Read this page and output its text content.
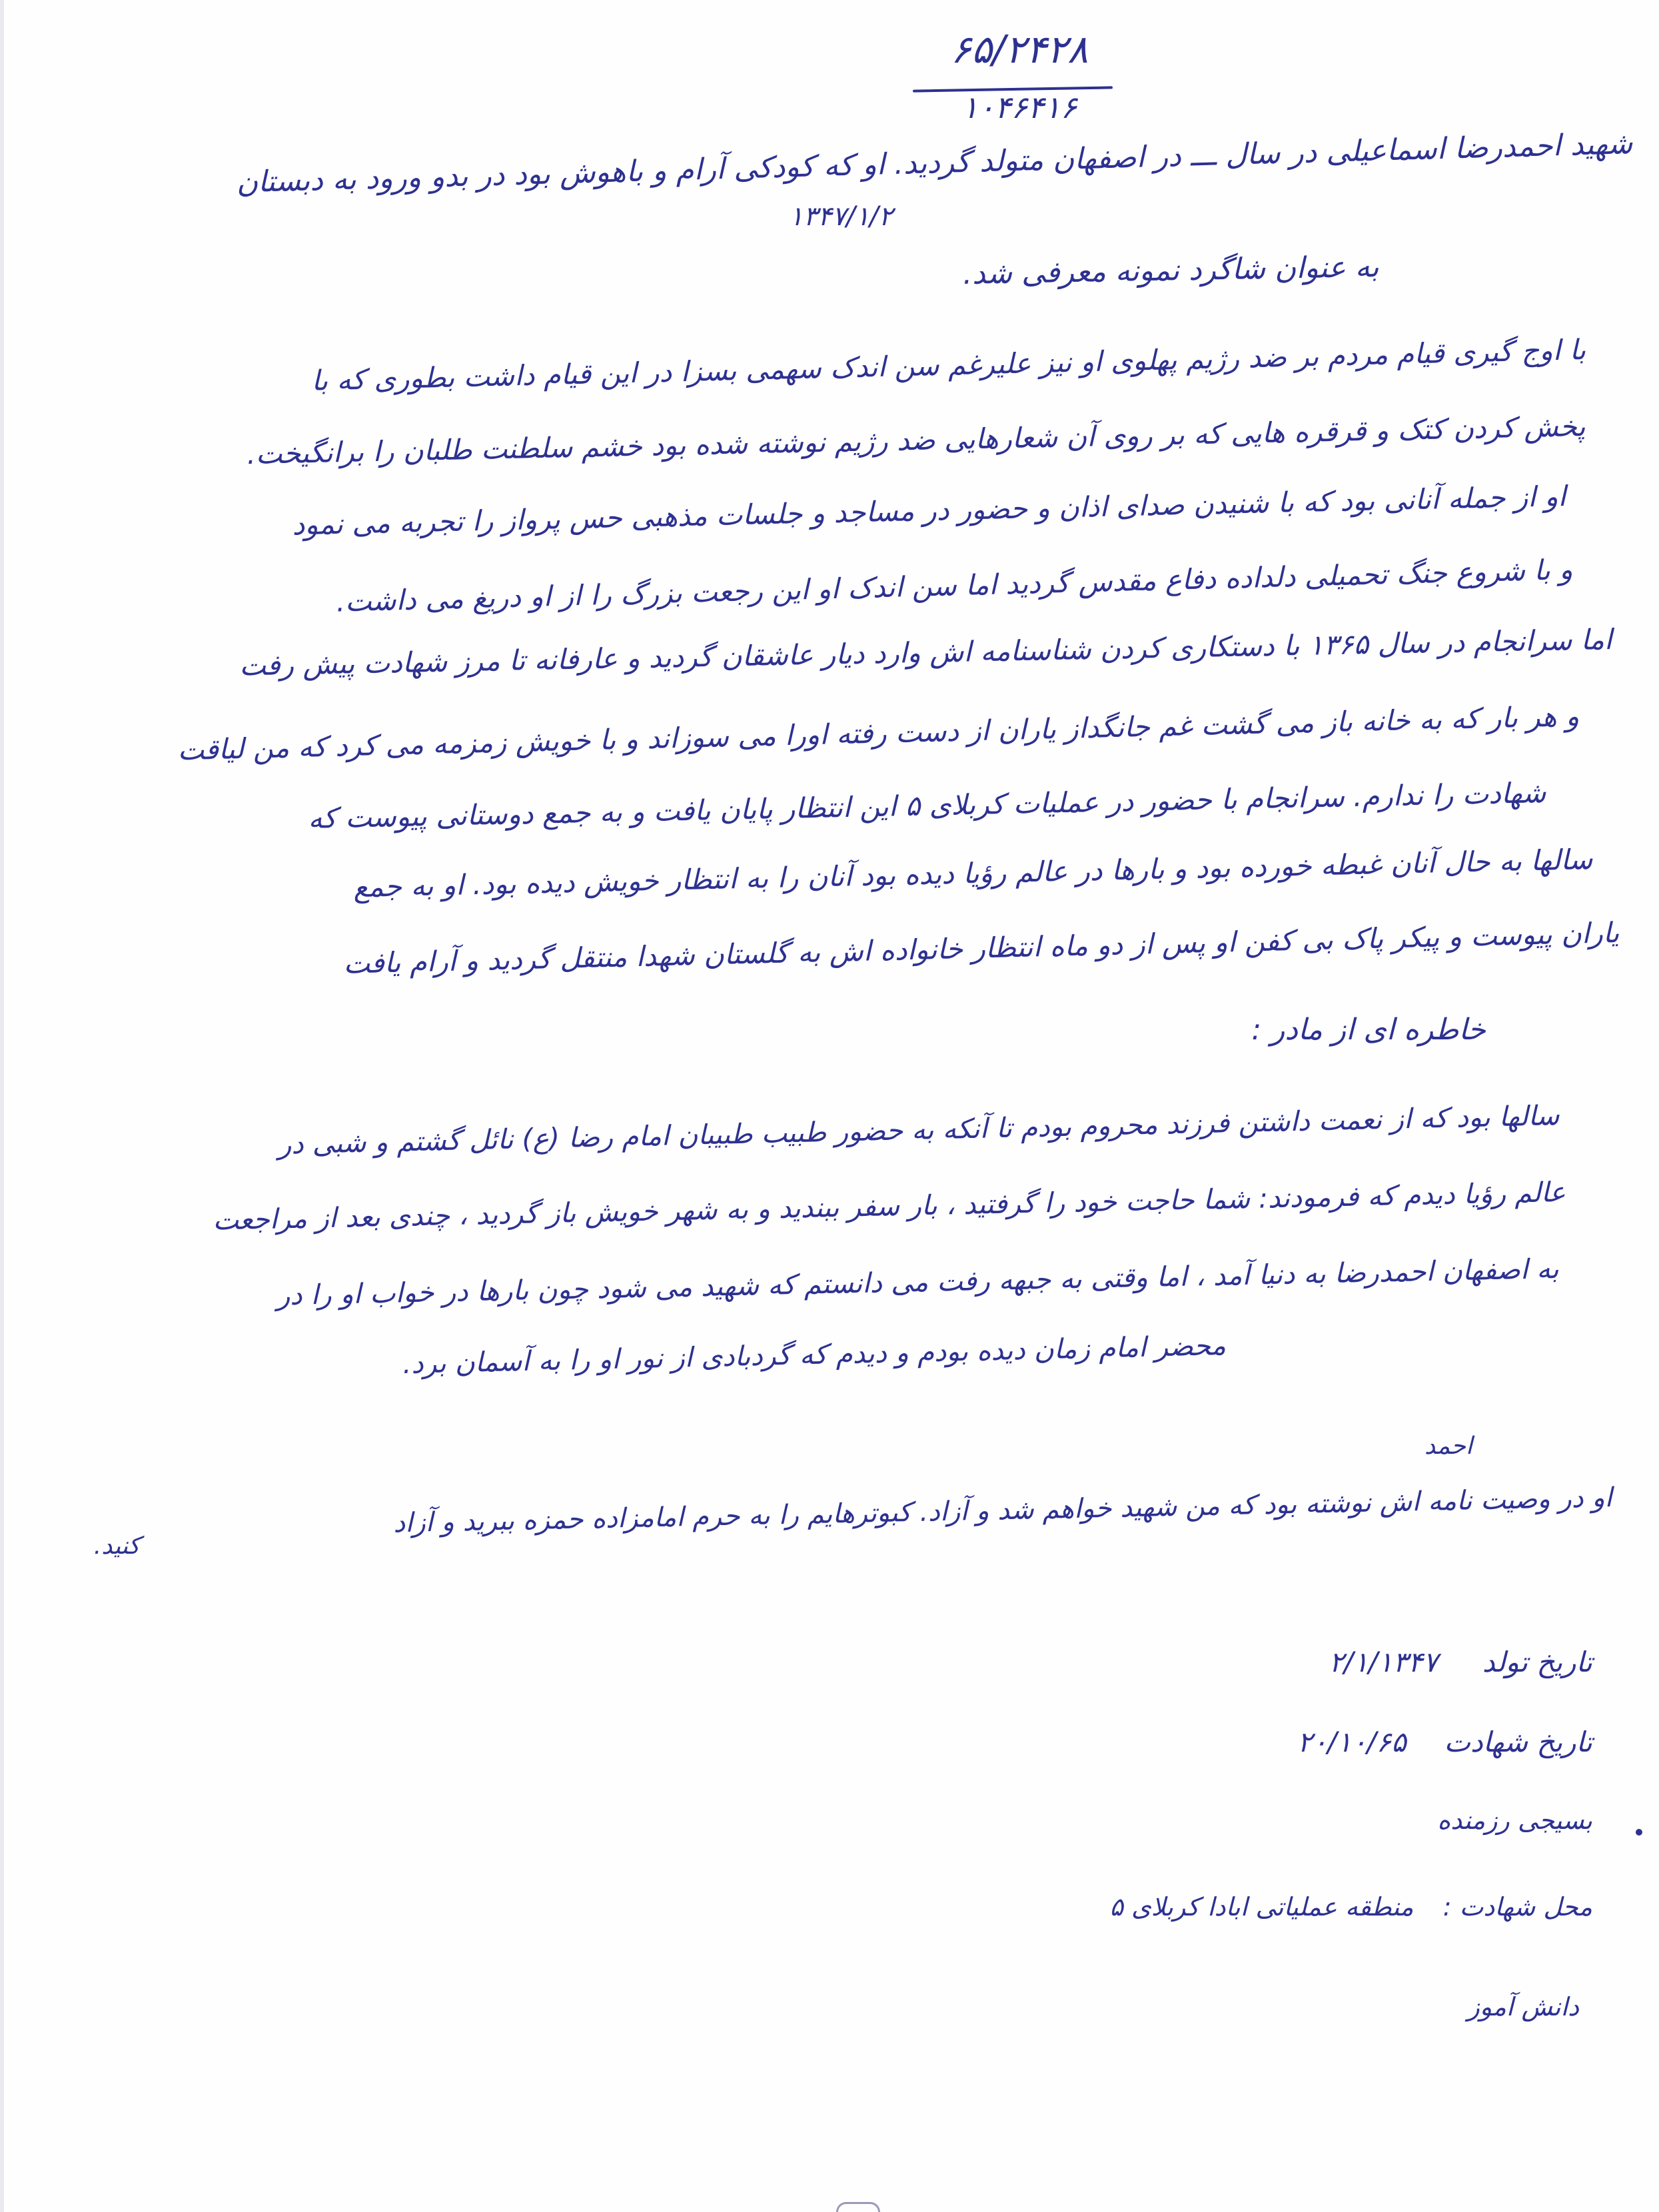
۶۵/۲۴۲۸
۱۰۴۶۴۱۶
شهید احمدرضا اسماعیلی در سال ـــ در اصفهان متولد گردید. او که کودکی آرام و باهوش بود در بدو ورود به دبستان
۱۳۴۷/۱/۲
به عنوان شاگرد نمونه معرفی شد.
با اوج گیری قیام مردم بر ضد رژیم پهلوی او نیز علیرغم سن اندک سهمی بسزا در این قیام داشت بطوری که با
پخش کردن کتک و قرقره هایی که بر روی آن شعارهایی ضد رژیم نوشته شده بود خشم سلطنت طلبان را برانگیخت.
او از جمله آنانی بود که با شنیدن صدای اذان و حضور در مساجد و جلسات مذهبی حس پرواز را تجربه می نمود
و با شروع جنگ تحمیلی دلداده دفاع مقدس گردید اما سن اندک او این رجعت بزرگ را از او دریغ می داشت.
اما سرانجام در سال ۱۳۶۵ با دستکاری کردن شناسنامه اش وارد دیار عاشقان گردید و عارفانه تا مرز شهادت پیش رفت
و هر بار که به خانه باز می گشت غم جانگداز یاران از دست رفته اورا می سوزاند و با خویش زمزمه می کرد که من لیاقت
شهادت را ندارم. سرانجام با حضور در عملیات کربلای ۵ این انتظار پایان یافت و به جمع دوستانی پیوست که
سالها به حال آنان غبطه خورده بود و بارها در عالم رؤیا دیده بود آنان را به انتظار خویش دیده بود. او به جمع
یاران پیوست و پیکر پاک بی کفن او پس از دو ماه انتظار خانواده اش به گلستان شهدا منتقل گردید و آرام یافت
خاطره ای از مادر :
سالها بود که از نعمت داشتن فرزند محروم بودم تا آنکه به حضور طبیب طبیبان امام رضا (ع) نائل گشتم و شبی در
عالم رؤیا دیدم که فرمودند: شما حاجت خود را گرفتید ، بار سفر ببندید و به شهر خویش باز گردید ، چندی بعد از مراجعت
به اصفهان احمدرضا به دنیا آمد ، اما وقتی به جبهه رفت می دانستم که شهید می شود چون بارها در خواب او را در
محضر امام زمان دیده بودم و دیدم که گردبادی از نور او را به آسمان برد.
احمد
او در وصیت نامه اش نوشته بود که من شهید خواهم شد و آزاد. کبوترهایم را به حرم امامزاده حمزه ببرید و آزاد
کنید.
تاریخ تولد  ۲/۱/۱۳۴۷
تاریخ شهادت  ۲۰/۱۰/۶۵
بسیجی رزمنده
محل شهادت :  منطقه عملیاتی ابادا کربلای ۵
دانش آموز
